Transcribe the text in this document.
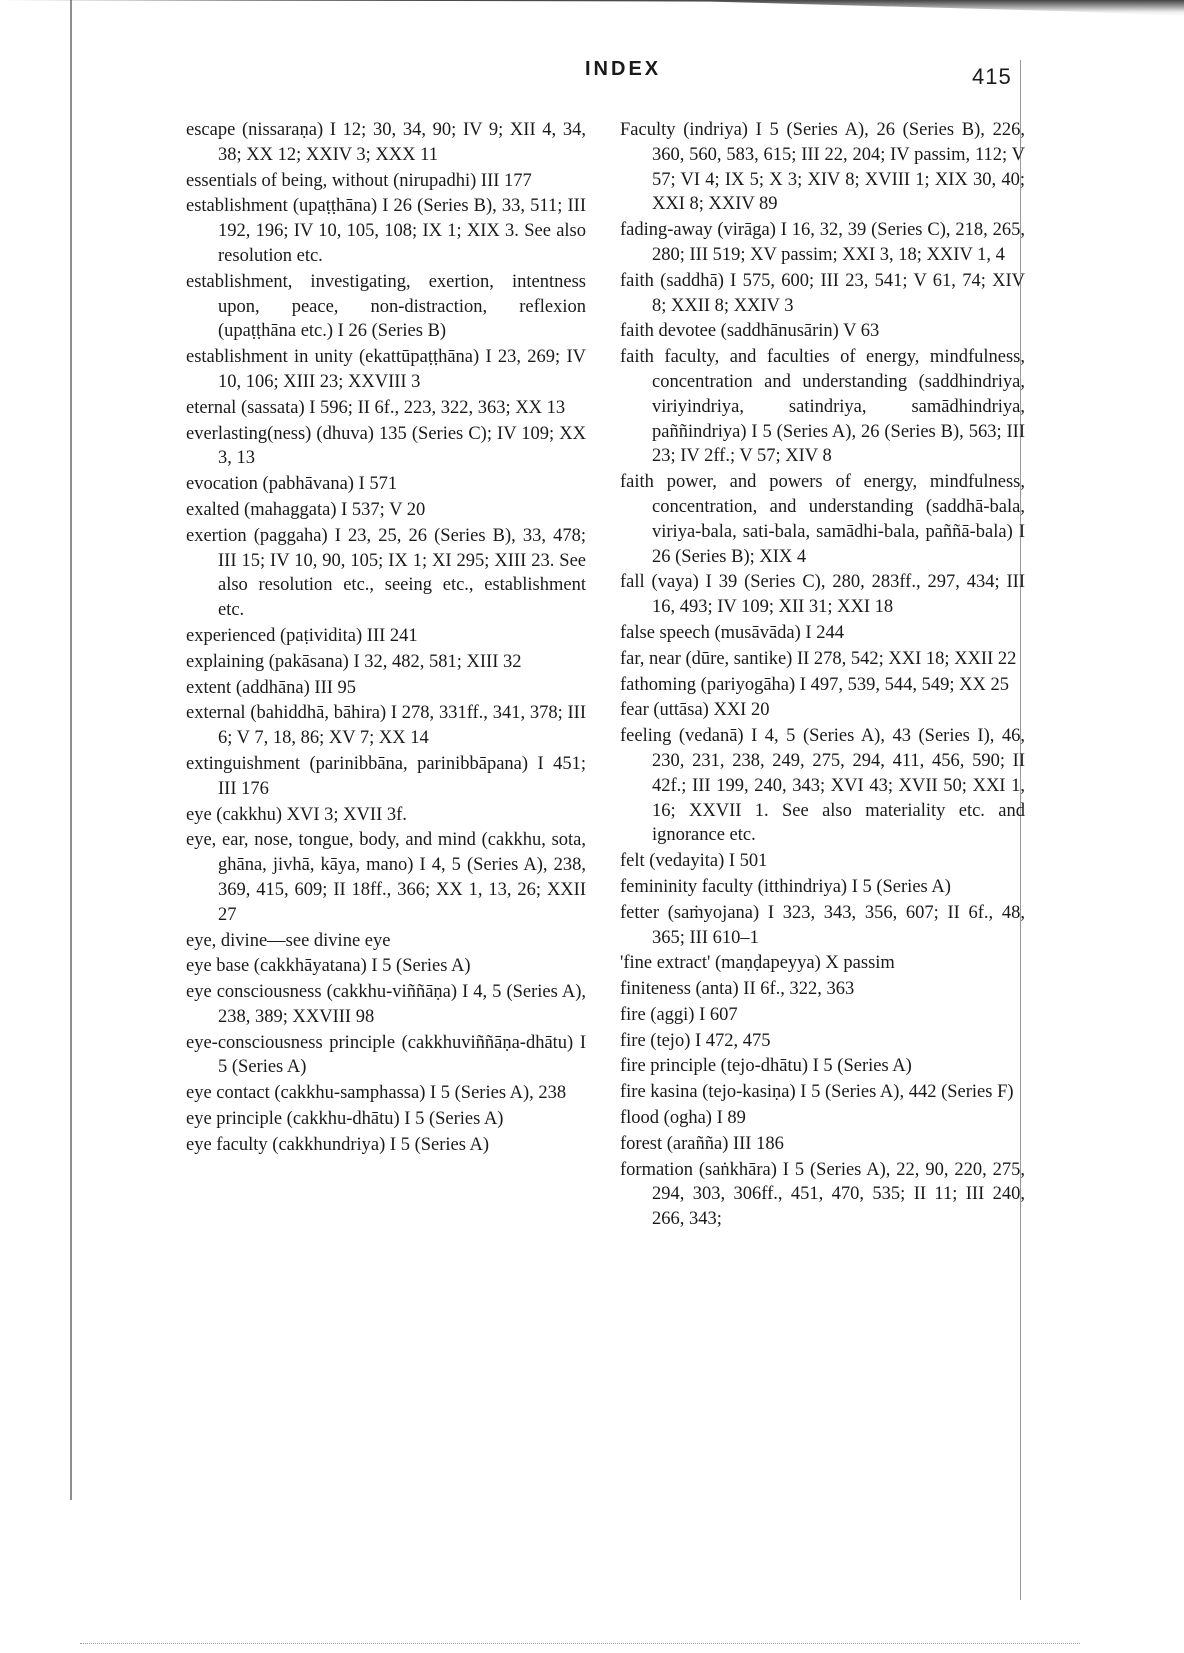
INDEX	415

escape (nissaraṇa) I 12; 30, 34, 90; IV 9; XII 4, 34, 38; XX 12; XXIV 3; XXX 11

essentials of being, without (nirupadhi) III 177

establishment (upaṭṭhāna) I 26 (Series B), 33, 511; III 192, 196; IV 10, 105, 108; IX 1; XIX 3. See also resolution etc.

establishment, investigating, exertion, intentness upon, peace, non-distraction, reflexion (upaṭṭhāna etc.) I 26 (Series B)

establishment in unity (ekattūpaṭṭhāna) I 23, 269; IV 10, 106; XIII 23; XXVIII 3

eternal (sassata) I 596; II 6f., 223, 322, 363; XX 13

everlasting(ness) (dhuva) 135 (Series C); IV 109; XX 3, 13

evocation (pabhāvana) I 571

exalted (mahaggata) I 537; V 20

exertion (paggaha) I 23, 25, 26 (Series B), 33, 478; III 15; IV 10, 90, 105; IX 1; XI 295; XIII 23. See also resolution etc., seeing etc., establishment etc.

experienced (paṭividita) III 241

explaining (pakāsana) I 32, 482, 581; XIII 32

extent (addhāna) III 95

external (bahiddhā, bāhira) I 278, 331ff., 341, 378; III 6; V 7, 18, 86; XV 7; XX 14

extinguishment (parinibbāna, parinibbāpana) I 451; III 176

eye (cakkhu) XVI 3; XVII 3f.

eye, ear, nose, tongue, body, and mind (cakkhu, sota, ghāna, jivhā, kāya, mano) I 4, 5 (Series A), 238, 369, 415, 609; II 18ff., 366; XX 1, 13, 26; XXII 27

eye, divine—see divine eye

eye base (cakkhāyatana) I 5 (Series A)

eye consciousness (cakkhu-viññāṇa) I 4, 5 (Series A), 238, 389; XXVIII 98

eye-consciousness principle (cakkhuviññāṇa-dhātu) I 5 (Series A)

eye contact (cakkhu-samphassa) I 5 (Series A), 238

eye principle (cakkhu-dhātu) I 5 (Series A)

eye faculty (cakkhundriya) I 5 (Series A)

Faculty (indriya) I 5 (Series A), 26 (Series B), 226, 360, 560, 583, 615; III 22, 204; IV passim, 112; V 57; VI 4; IX 5; X 3; XIV 8; XVIII 1; XIX 30, 40; XXI 8; XXIV 89

fading-away (virāga) I 16, 32, 39 (Series C), 218, 265, 280; III 519; XV passim; XXI 3, 18; XXIV 1, 4

faith (saddhā) I 575, 600; III 23, 541; V 61, 74; XIV 8; XXII 8; XXIV 3

faith devotee (saddhānusārin) V 63

faith faculty, and faculties of energy, mindfulness, concentration and understanding (saddhindriya, viriyindriya, satindriya, samādhindriya, paññindriya) I 5 (Series A), 26 (Series B), 563; III 23; IV 2ff.; V 57; XIV 8

faith power, and powers of energy, mindfulness, concentration, and understanding (saddhā-bala, viriya-bala, sati-bala, samādhi-bala, paññā-bala) I 26 (Series B); XIX 4

fall (vaya) I 39 (Series C), 280, 283ff., 297, 434; III 16, 493; IV 109; XII 31; XXI 18

false speech (musāvāda) I 244

far, near (dūre, santike) II 278, 542; XXI 18; XXII 22

fathoming (pariyogāha) I 497, 539, 544, 549; XX 25

fear (uttāsa) XXI 20

feeling (vedanā) I 4, 5 (Series A), 43 (Series I), 46, 230, 231, 238, 249, 275, 294, 411, 456, 590; II 42f.; III 199, 240, 343; XVI 43; XVII 50; XXI 1, 16; XXVII 1. See also materiality etc. and ignorance etc.

felt (vedayita) I 501

femininity faculty (itthindriya) I 5 (Series A)

fetter (saṁyojana) I 323, 343, 356, 607; II 6f., 48, 365; III 610–1

'fine extract' (maṇḍapeyya) X passim

finiteness (anta) II 6f., 322, 363

fire (aggi) I 607

fire (tejo) I 472, 475

fire principle (tejo-dhātu) I 5 (Series A)

fire kasina (tejo-kasiṇa) I 5 (Series A), 442 (Series F)

flood (ogha) I 89

forest (arañña) III 186

formation (saṅkhāra) I 5 (Series A), 22, 90, 220, 275, 294, 303, 306ff., 451, 470, 535; II 11; III 240, 266, 343;
